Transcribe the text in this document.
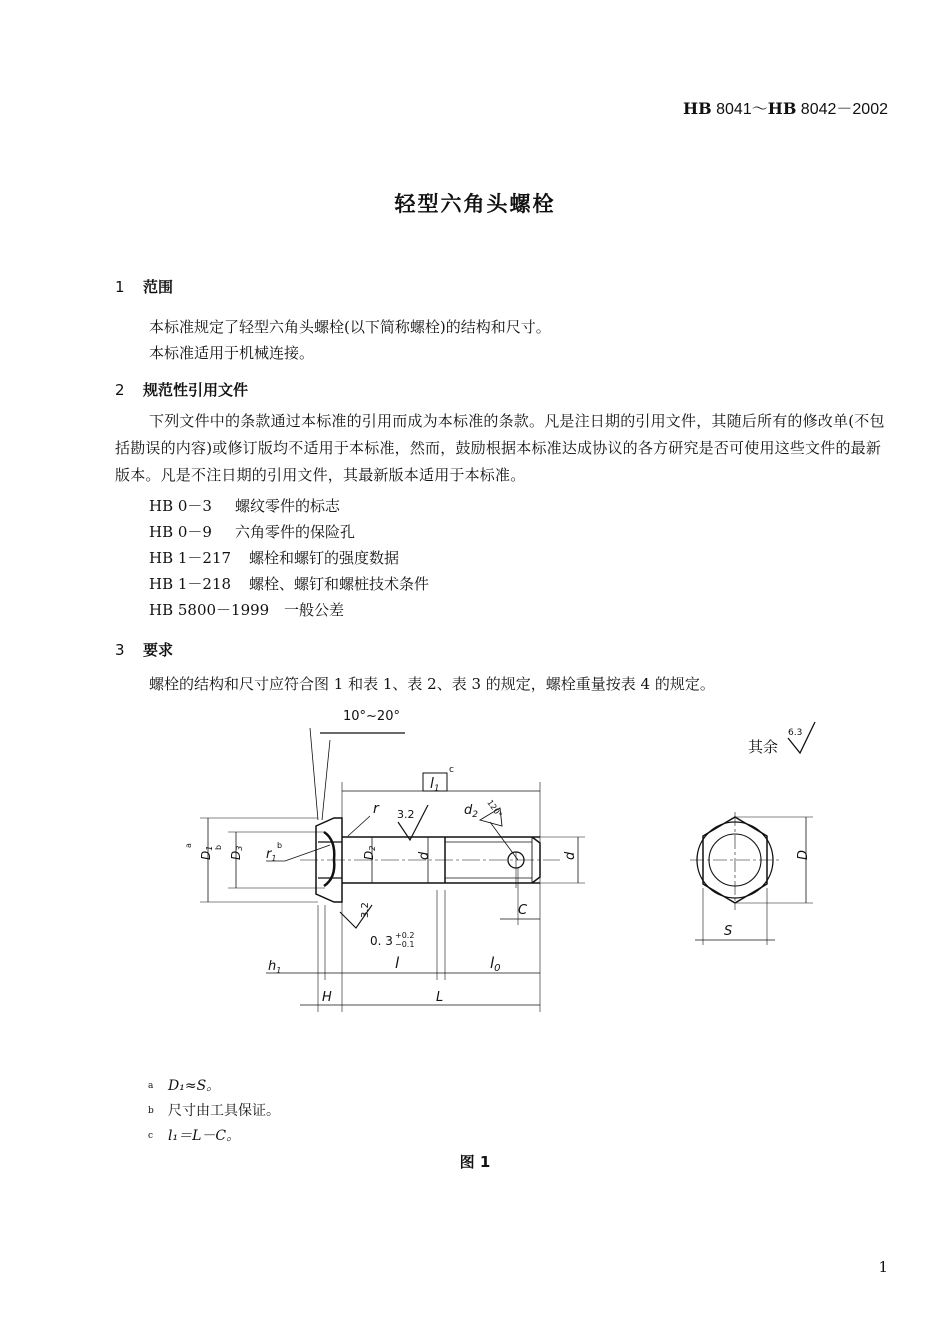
HB 8041～HB 8042－2002
轻型六角头螺栓
1 范围
本标准规定了轻型六角头螺栓(以下简称螺栓)的结构和尺寸。
本标准适用于机械连接。
2 规范性引用文件
下列文件中的条款通过本标准的引用而成为本标准的条款。凡是注日期的引用文件，其随后所有的修改单(不包括勘误的内容)或修订版均不适用于本标准，然而，鼓励根据本标准达成协议的各方研究是否可使用这些文件的最新版本。凡是不注日期的引用文件，其最新版本适用于本标准。
HB 0－3 螺纹零件的标志
HB 0－9 六角零件的保险孔
HB 1－217 螺栓和螺钉的强度数据
HB 1－218 螺栓、螺钉和螺桩技术条件
HB 5800－1999 一般公差
3 要求
螺栓的结构和尺寸应符合图 1 和表 1、表 2、表 3 的规定，螺栓重量按表 4 的规定。
10°~20°
$l_1$
c
r 3.2	$d_2$ 120°
D2
d	d
D1
a
D3
b	$r_1$
b
3.2
0. 3 +0.2
−0.1
C
$h_1$	l	$l_0$
H	L
其余
6.3
D
S
$^a$ D₁≈S。
$^b$ 尺寸由工具保证。
$^c$ l₁＝L－C。
图 1
1
